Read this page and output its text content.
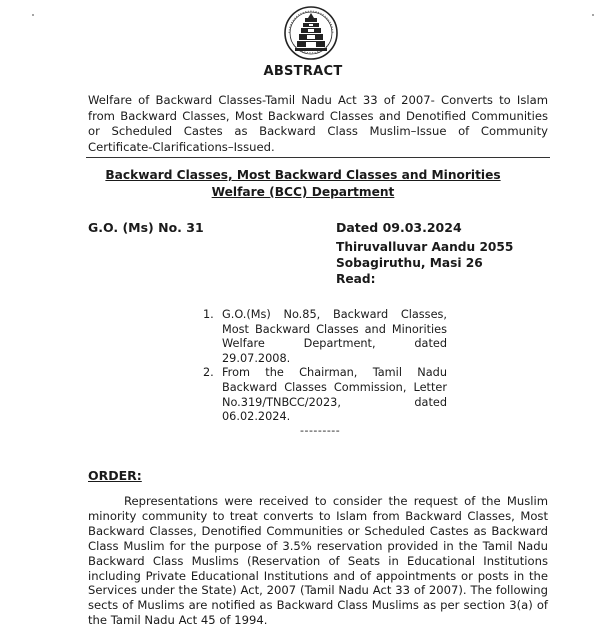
ABSTRACT
Welfare of Backward Classes-Tamil Nadu Act 33 of 2007- Converts to Islam from Backward Classes, Most Backward Classes and Denotified Communities or Scheduled Castes as Backward Class Muslim–Issue of Community Certificate-Clarifications–Issued.
Backward Classes, Most Backward Classes and Minorities
Welfare (BCC) Department
G.O. (Ms) No. 31	Dated 09.03.2024
Thiruvalluvar Aandu 2055
Sobagiruthu, Masi 26
Read:
1. G.O.(Ms) No.85, Backward Classes, Most Backward Classes and Minorities Welfare Department, dated 29.07.2008.
2. From the Chairman, Tamil Nadu Backward Classes Commission, Letter No.319/TNBCC/2023, dated 06.02.2024.
---------
ORDER:

Representations were received to consider the request of the Muslim minority community to treat converts to Islam from Backward Classes, Most Backward Classes, Denotified Communities or Scheduled Castes as Backward Class Muslim for the purpose of 3.5% reservation provided in the Tamil Nadu Backward Class Muslims (Reservation of Seats in Educational Institutions including Private Educational Institutions and of appointments or posts in the Services under the State) Act, 2007 (Tamil Nadu Act 33 of 2007). The following sects of Muslims are notified as Backward Class Muslims as per section 3(a) of the Tamil Nadu Act 45 of 1994.
